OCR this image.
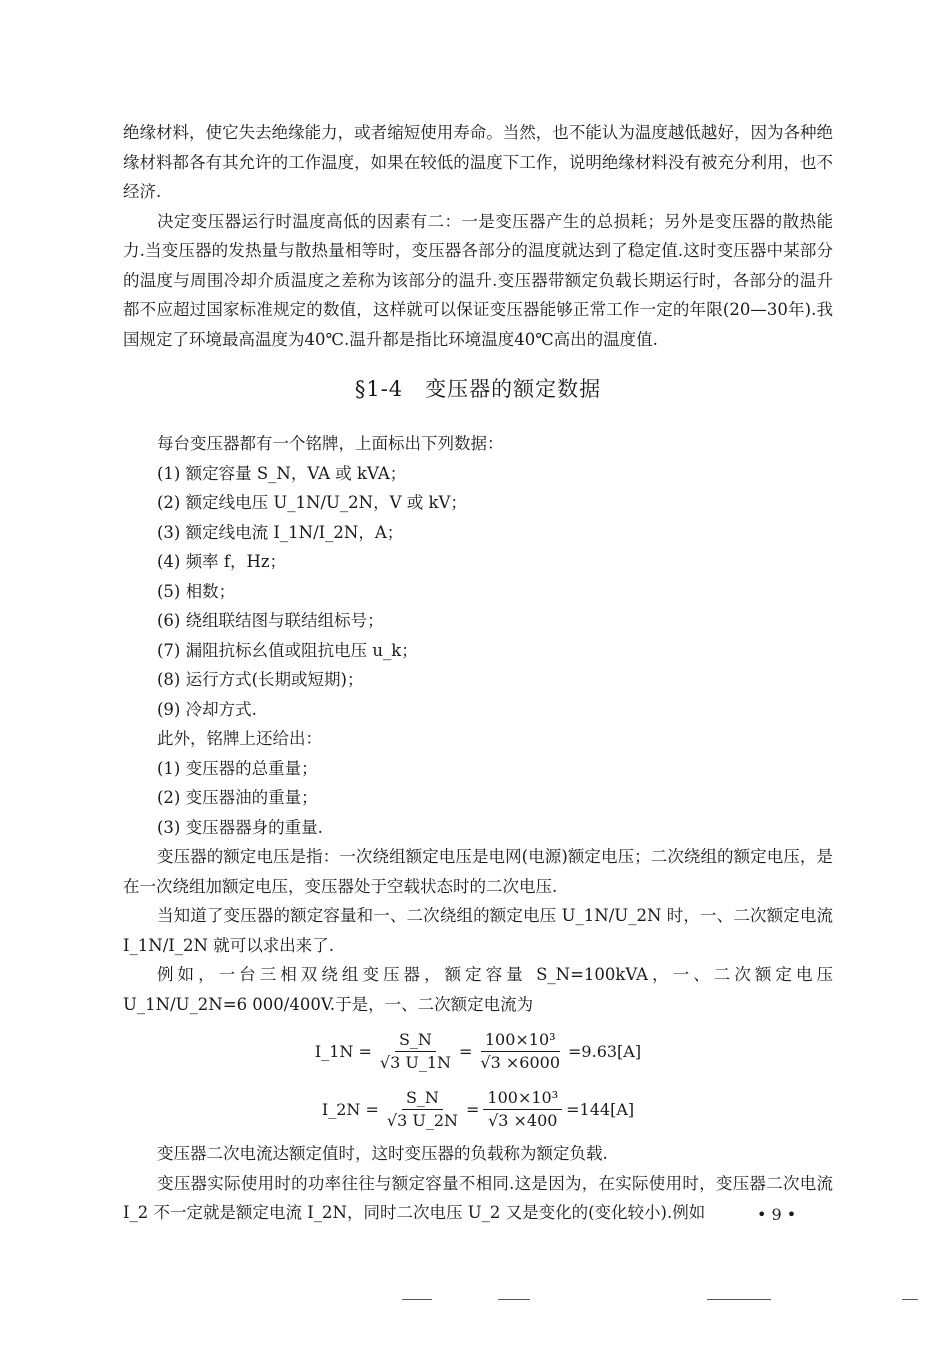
绝缘材料，使它失去绝缘能力，或者缩短使用寿命。当然，也不能认为温度越低越好，因为各种绝缘材料都各有其允许的工作温度，如果在较低的温度下工作，说明绝缘材料没有被充分利用，也不经济.

决定变压器运行时温度高低的因素有二：一是变压器产生的总损耗；另外是变压器的散热能力.当变压器的发热量与散热量相等时，变压器各部分的温度就达到了稳定值.这时变压器中某部分的温度与周围冷却介质温度之差称为该部分的温升.变压器带额定负载长期运行时，各部分的温升都不应超过国家标准规定的数值，这样就可以保证变压器能够正常工作一定的年限(20—30年).我国规定了环境最高温度为40℃.温升都是指比环境温度40℃高出的温度值.

§1-4　变压器的额定数据

每台变压器都有一个铭牌，上面标出下列数据：

(1) 额定容量 S_N，VA 或 kVA；
(2) 额定线电压 U_1N/U_2N，V 或 kV；
(3) 额定线电流 I_1N/I_2N，A；
(4) 频率 f，Hz；
(5) 相数；
(6) 绕组联结图与联结组标号；
(7) 漏阻抗标幺值或阻抗电压 u_k；
(8) 运行方式(长期或短期)；
(9) 冷却方式.

此外，铭牌上还给出：

(1) 变压器的总重量；
(2) 变压器油的重量；
(3) 变压器器身的重量.

变压器的额定电压是指：一次绕组额定电压是电网(电源)额定电压；二次绕组的额定电压，是在一次绕组加额定电压，变压器处于空载状态时的二次电压.

当知道了变压器的额定容量和一、二次绕组的额定电压 U_1N/U_2N 时，一、二次额定电流 I_1N/I_2N 就可以求出来了.

例如，一台三相双绕组变压器，额定容量 S_N=100kVA，一、二次额定电压 U_1N/U_2N=6 000/400V.于是，一、二次额定电流为

I_1N = $\frac{S\_N}{√3 U\_1N} = \frac{\text{100×10³}}{√3 \times 6000} =9.63[A]$
I_2N = $\frac{S\_N}{√3 U\_2N} = \frac{\text{100×10³}}{√3 \times 400} =144[A]$

变压器二次电流达额定值时，这时变压器的负载称为额定负载.

变压器实际使用时的功率往往与额定容量不相同.这是因为，在实际使用时，变压器二次电流 I_2 不一定就是额定电流 I_2N，同时二次电压 U_2 又是变化的(变化较小).例如	• 9 •
